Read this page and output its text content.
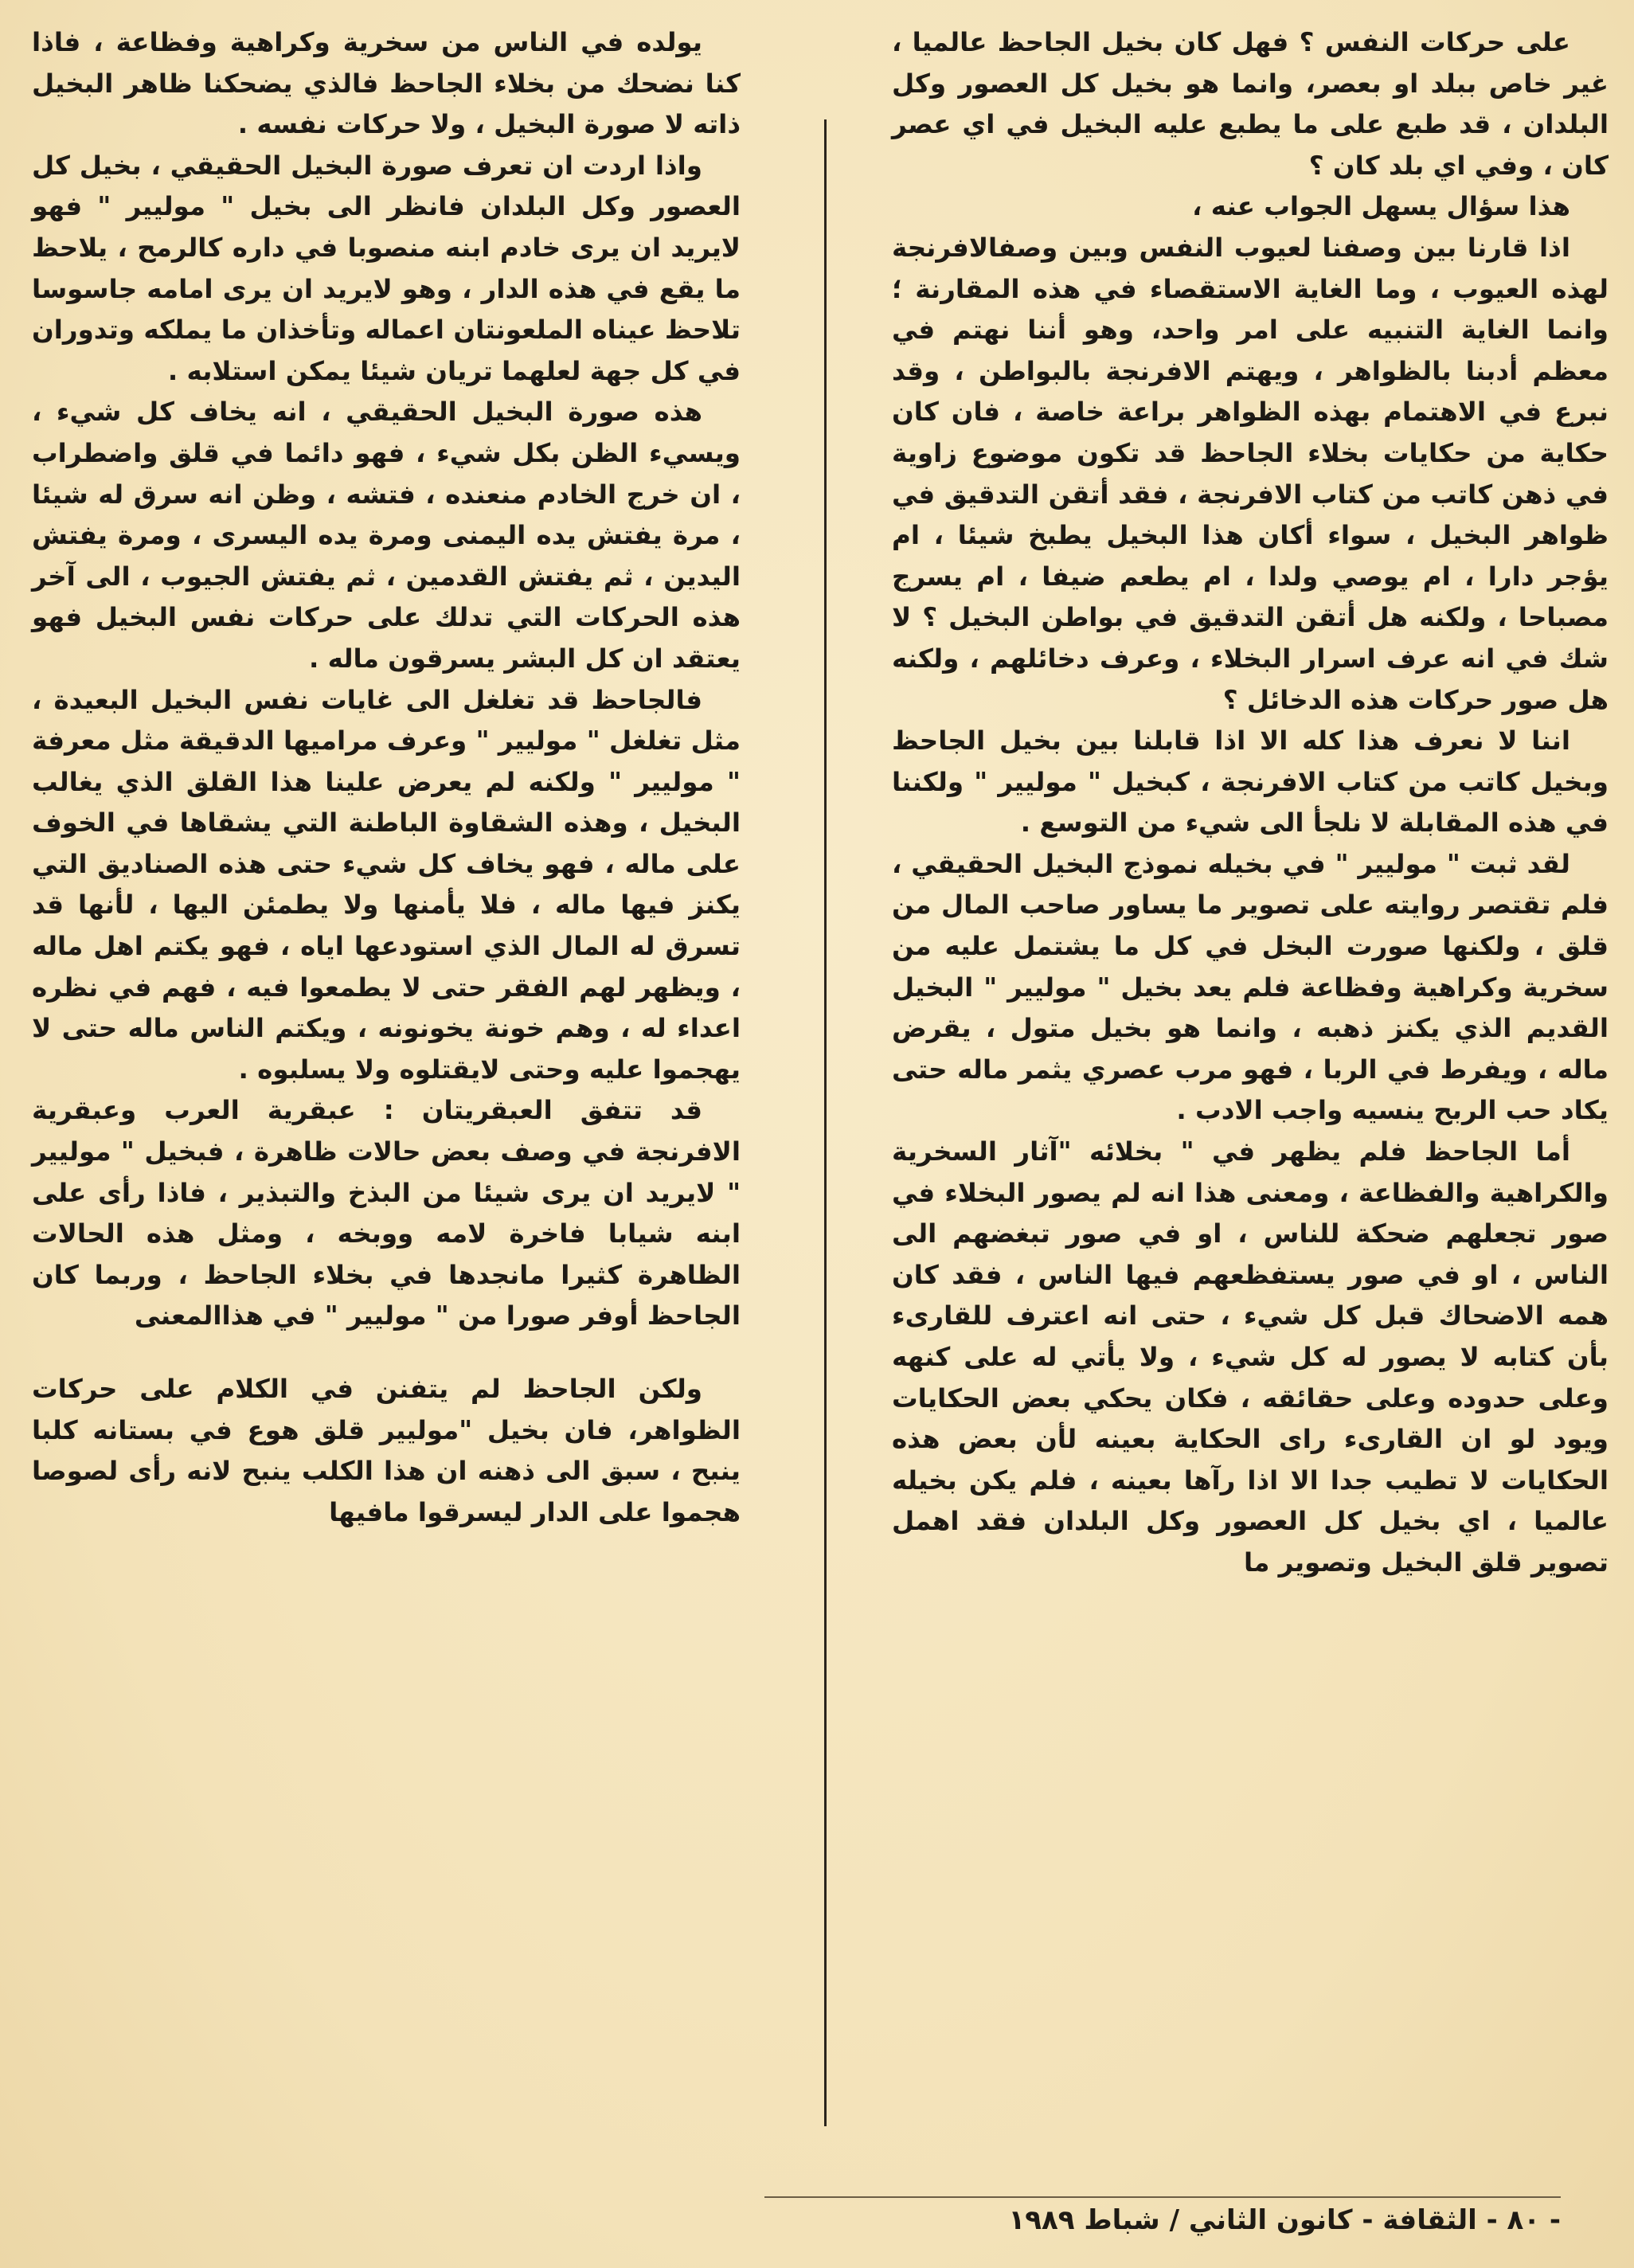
على حركات النفس ؟ فهل كان بخيل الجاحظ عالميا ، غير خاص ببلد او بعصر، وانما هو بخيل كل العصور وكل البلدان ، قد طبع على ما يطبع عليه البخيل في اي عصر كان ، وفي اي بلد كان ؟

هذا سؤال يسهل الجواب عنه ،

اذا قارنا بين وصفنا لعيوب النفس وبين وصفالافرنجة لهذه العيوب ، وما الغاية الاستقصاء في هذه المقارنة ؛ وانما الغاية التنبيه على امر واحد، وهو أننا نهتم في معظم أدبنا بالظواهر ، ويهتم الافرنجة بالبواطن ، وقد نبرع في الاهتمام بهذه الظواهر براعة خاصة ، فان كان حكاية من حكايات بخلاء الجاحظ قد تكون موضوع زاوية في ذهن كاتب من كتاب الافرنجة ، فقد أتقن التدقيق في ظواهر البخيل ، سواء أكان هذا البخيل يطبخ شيئا ، ام يؤجر دارا ، ام يوصي ولدا ، ام يطعم ضيفا ، ام يسرج مصباحا ، ولكنه هل أتقن التدقيق في بواطن البخيل ؟ لا شك في انه عرف اسرار البخلاء ، وعرف دخائلهم ، ولكنه هل صور حركات هذه الدخائل ؟

اننا لا نعرف هذا كله الا اذا قابلنا بين بخيل الجاحظ وبخيل كاتب من كتاب الافرنجة ، كبخيل " موليير " ولكننا في هذه المقابلة لا نلجأ الى شيء من التوسع .

لقد ثبت " موليير " في بخيله نموذج البخيل الحقيقي ، فلم تقتصر روايته على تصوير ما يساور صاحب المال من قلق ، ولكنها صورت البخل في كل ما يشتمل عليه من سخرية وكراهية وفظاعة فلم يعد بخيل " موليير " البخيل القديم الذي يكنز ذهبه ، وانما هو بخيل متول ، يقرض ماله ، ويفرط في الربا ، فهو مرب عصري يثمر ماله حتى يكاد حب الربح ينسيه واجب الادب .

أما الجاحظ فلم يظهر في " بخلائه "آثار السخرية والكراهية والفظاعة ، ومعنى هذا انه لم يصور البخلاء في صور تجعلهم ضحكة للناس ، او في صور تبغضهم الى الناس ، او في صور يستفظعهم فيها الناس ، فقد كان همه الاضحاك قبل كل شيء ، حتى انه اعترف للقارىء بأن كتابه لا يصور له كل شيء ، ولا يأتي له على كنهه وعلى حدوده وعلى حقائقه ، فكان يحكي بعض الحكايات ويود لو ان القارىء راى الحكاية بعينه لأن بعض هذه الحكايات لا تطيب جدا الا اذا رآها بعينه ، فلم يكن بخيله عالميا ، اي بخيل كل العصور وكل البلدان فقد اهمل تصوير قلق البخيل وتصوير ما

يولده في الناس من سخرية وكراهية وفظاعة ، فاذا كنا نضحك من بخلاء الجاحظ فالذي يضحكنا ظاهر البخيل ذاته لا صورة البخيل ، ولا حركات نفسه .

واذا اردت ان تعرف صورة البخيل الحقيقي ، بخيل كل العصور وكل البلدان فانظر الى بخيل " موليير " فهو لايريد ان يرى خادم ابنه منصوبا في داره كالرمح ، يلاحظ ما يقع في هذه الدار ، وهو لايريد ان يرى امامه جاسوسا تلاحظ عيناه الملعونتان اعماله وتأخذان ما يملكه وتدوران في كل جهة لعلهما تريان شيئا يمكن استلابه .

هذه صورة البخيل الحقيقي ، انه يخاف كل شيء ، ويسيء الظن بكل شيء ، فهو دائما في قلق واضطراب ، ان خرج الخادم منعنده ، فتشه ، وظن انه سرق له شيئا ، مرة يفتش يده اليمنى ومرة يده اليسرى ، ومرة يفتش اليدين ، ثم يفتش القدمين ، ثم يفتش الجيوب ، الى آخر هذه الحركات التي تدلك على حركات نفس البخيل فهو يعتقد ان كل البشر يسرقون ماله .

فالجاحظ قد تغلغل الى غايات نفس البخيل البعيدة ، مثل تغلغل " موليير " وعرف مراميها الدقيقة مثل معرفة " موليير " ولكنه لم يعرض علينا هذا القلق الذي يغالب البخيل ، وهذه الشقاوة الباطنة التي يشقاها في الخوف على ماله ، فهو يخاف كل شيء حتى هذه الصناديق التي يكنز فيها ماله ، فلا يأمنها ولا يطمئن اليها ، لأنها قد تسرق له المال الذي استودعها اياه ، فهو يكتم اهل ماله ، ويظهر لهم الفقر حتى لا يطمعوا فيه ، فهم في نظره اعداء له ، وهم خونة يخونونه ، ويكتم الناس ماله حتى لا يهجموا عليه وحتى لايقتلوه ولا يسلبوه .

قد تتفق العبقريتان : عبقرية العرب وعبقرية الافرنجة في وصف بعض حالات ظاهرة ، فبخيل " موليير " لايريد ان يرى شيئا من البذخ والتبذير ، فاذا رأى على ابنه شيابا فاخرة لامه ووبخه ، ومثل هذه الحالات الظاهرة كثيرا مانجدها في بخلاء الجاحظ ، وربما كان الجاحظ أوفر صورا من " موليير " في هذاالمعنى

ولكن الجاحظ لم يتفنن في الكلام على حركات الظواهر، فان بخيل "موليير قلق هوع في بستانه كلبا ينبح ، سبق الى ذهنه ان هذا الكلب ينبح لانه رأى لصوصا هجموا على الدار ليسرقوا مافيها

- ٨٠ - الثقافة - كانون الثاني / شباط ١٩٨٩
